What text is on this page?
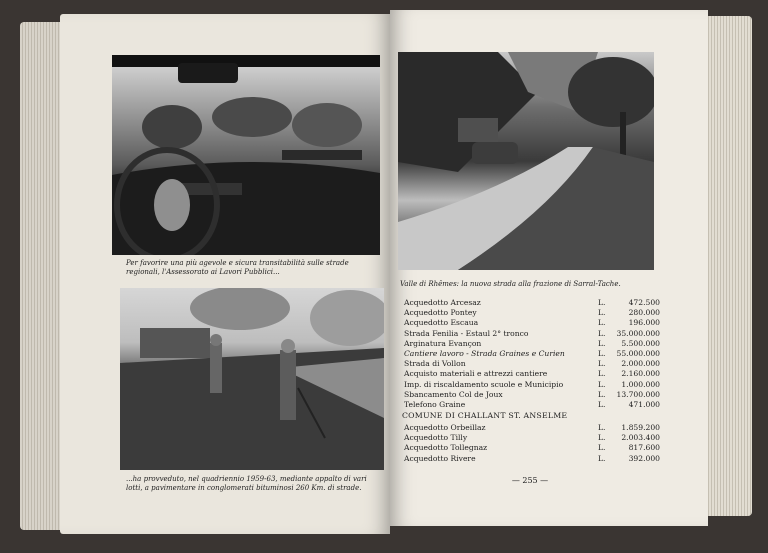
Per favorire una più agevole e sicura transitabilità sulle strade regionali, l'Assessorato ai Lavori Pubblici...

...ha provveduto, nel quadriennio 1959-63, mediante appalto di vari lotti, a pavimentare in conglomerati bituminosi 260 Km. di strade.

Valle di Rhêmes: la nuova strada alla frazione di Sarral-Tache.

Acquedotto Arcesaz	L.	472.500
Acquedotto Pontey	L.	280.000
Acquedotto Escaua	L.	196.000
Strada Fenilia - Estaul 2° tronco	L.	35.000.000
Arginatura Evançon	L.	5.500.000
Cantiere lavoro - Strada Graines e Curien	L.	55.000.000
Strada di Vollon	L.	2.000.000
Acquisto materiali e attrezzi cantiere	L.	2.160.000
Imp. di riscaldamento scuole e Municipio	L.	1.000.000
Sbancamento Col de Joux	L.	13.700.000
Telefono Graine	L.	471.000
COMUNE DI CHALLANT ST. ANSELME
Acquedotto Orbeillaz	L.	1.859.200
Acquedotto Tilly	L.	2.003.400
Acquedotto Tollegnaz	L.	817.600
Acquedotto Rivere	L.	392.000
— 255 —
